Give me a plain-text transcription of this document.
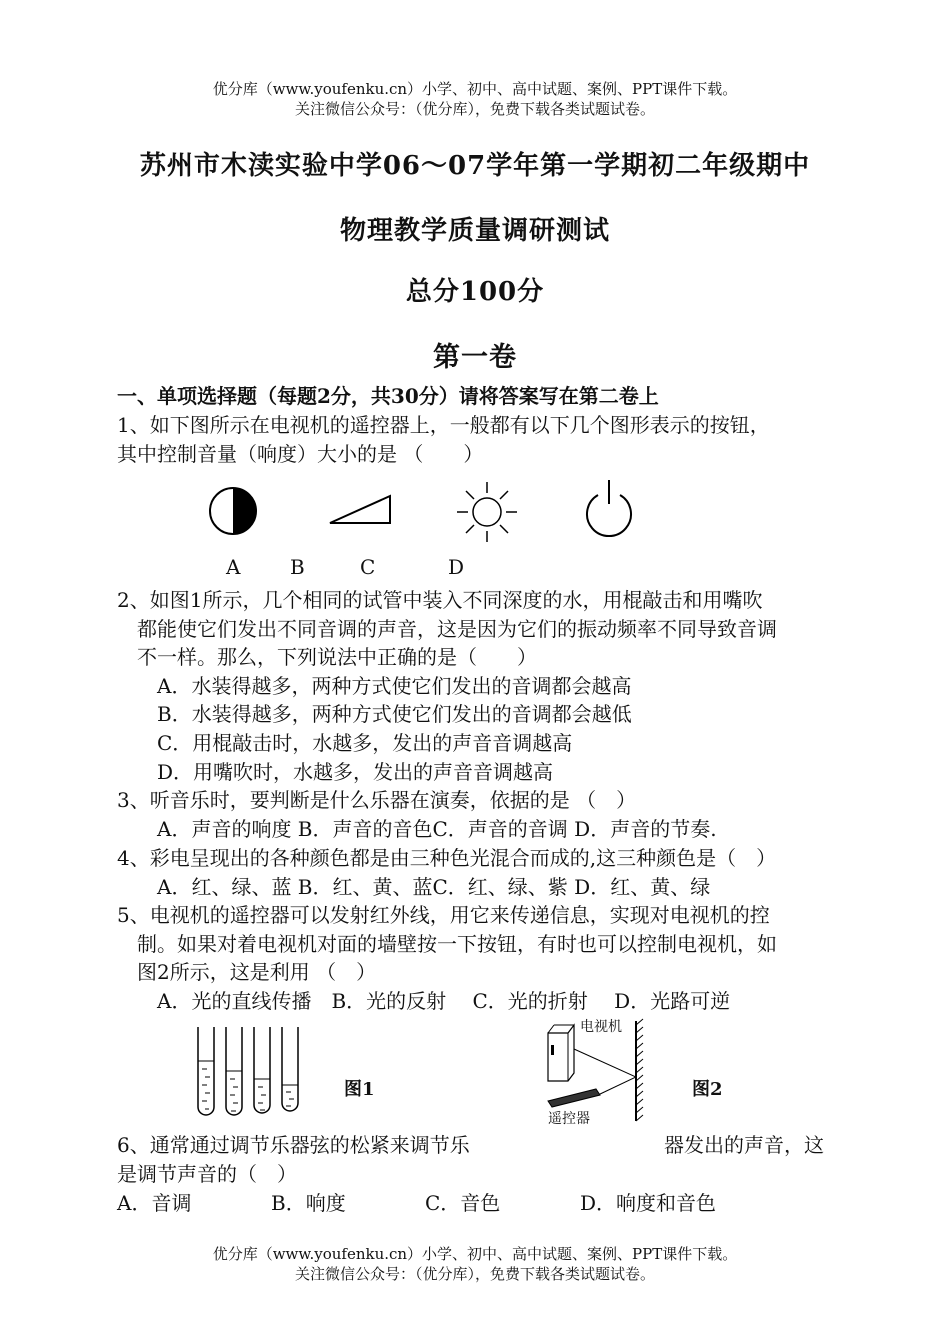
优分库（www.youfenku.cn）小学、初中、高中试题、案例、PPT课件下载。
关注微信公众号：（优分库），免费下载各类试题试卷。
苏州市木渎实验中学06～07学年第一学期初二年级期中
物理教学质量调研测试
总分100分
第一卷
一、单项选择题（每题2分，共30分）请将答案写在第二卷上
1、如下图所示在电视机的遥控器上，一般都有以下几个图形表示的按钮，
其中控制音量（响度）大小的是 （　　）
A B	C	D
2、如图1所示，几个相同的试管中装入不同深度的水，用棍敲击和用嘴吹
都能使它们发出不同音调的声音，这是因为它们的振动频率不同导致音调
不一样。那么，下列说法中正确的是（　　）
A．水装得越多，两种方式使它们发出的音调都会越高
B．水装得越多，两种方式使它们发出的音调都会越低
C．用棍敲击时，水越多，发出的声音音调越高
D．用嘴吹时，水越多，发出的声音音调越高
3、听音乐时，要判断是什么乐器在演奏，依据的是 （　）
A．声音的响度 B．声音的音色C．声音的音调 D．声音的节奏.
4、彩电呈现出的各种颜色都是由三种色光混合而成的,这三种颜色是（　）
A．红、绿、蓝 B．红、黄、蓝C．红、绿、紫 D．红、黄、绿
5、电视机的遥控器可以发射红外线，用它来传递信息，实现对电视机的控
制。如果对着电视机对面的墙壁按一下按钮，有时也可以控制电视机，如
图2所示，这是利用 （　）
A．光的直线传播　B．光的反射　 C．光的折射　 D．光路可逆
图1
电视机
遥控器
图2
6、通常通过调节乐器弦的松紧来调节乐	器发出的声音，这
是调节声音的（　）
A．音调	B．响度	C．音色	D．响度和音色
优分库（www.youfenku.cn）小学、初中、高中试题、案例、PPT课件下载。
关注微信公众号：（优分库），免费下载各类试题试卷。
